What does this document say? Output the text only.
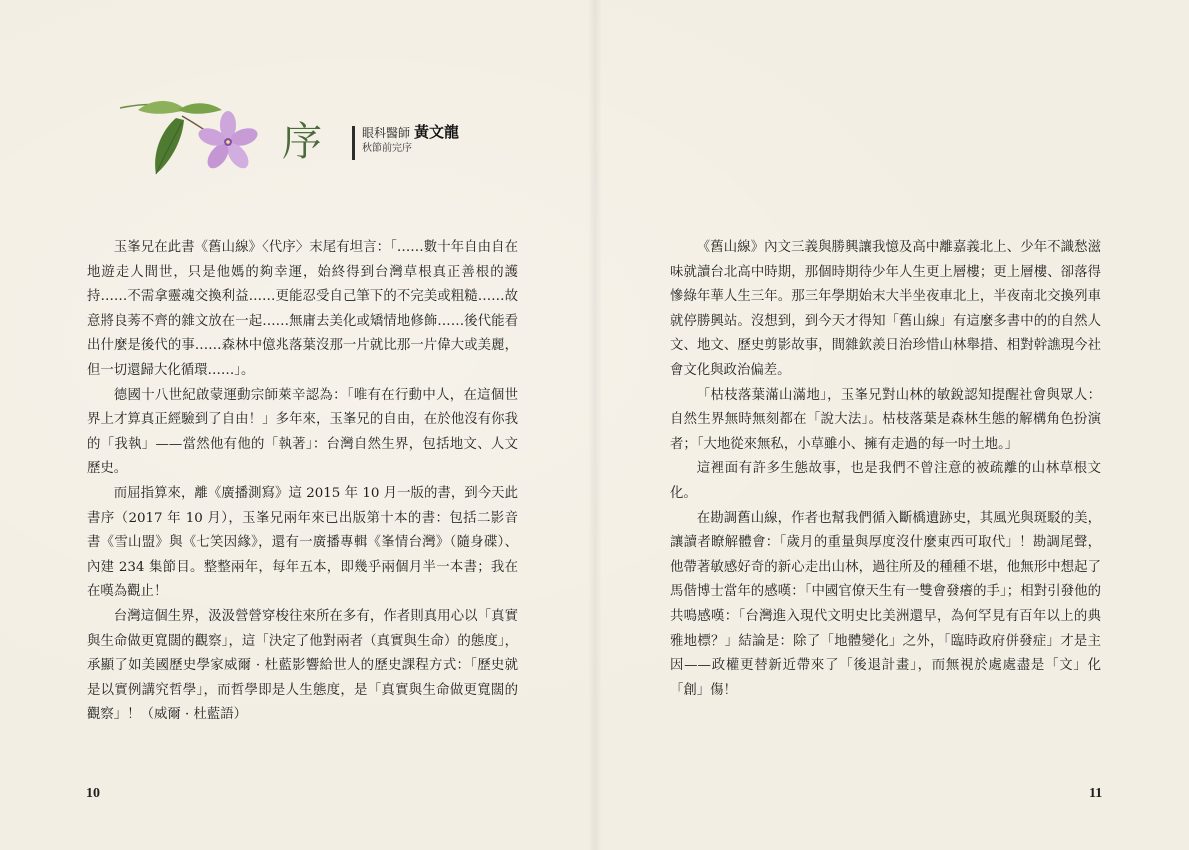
序	眼科醫師 黃文龍
秋節前完序

玉峯兄在此書《舊山線》〈代序〉末尾有坦言：「……數十年自由自在地遊走人間世，只是他媽的夠幸運，始終得到台灣草根真正善根的護持……不需拿靈魂交換利益……更能忍受自己筆下的不完美或粗糙……故意將良莠不齊的雜文放在一起……無庸去美化或矯情地修飾……後代能看出什麼是後代的事……森林中億兆落葉沒那一片就比那一片偉大或美麗，但一切還歸大化循環……」。

德國十八世紀啟蒙運動宗師萊辛認為：「唯有在行動中人，在這個世界上才算真正經驗到了自由！」多年來，玉峯兄的自由，在於他沒有你我的「我執」——當然他有他的「執著」：台灣自然生界，包括地文、人文歷史。

而屈指算來，離《廣播測寫》這 2015 年 10 月一版的書，到今天此書序（2017 年 10 月），玉峯兄兩年來已出版第十本的書：包括二影音書《雪山盟》與《七笑因緣》，還有一廣播專輯《峯情台灣》（隨身碟）、內建 234 集節目。整整兩年，每年五本，即幾乎兩個月半一本書；我在在嘆為觀止！

台灣這個生界，汲汲營營穿梭往來所在多有，作者則真用心以「真實與生命做更寬闊的觀察」，這「決定了他對兩者（真實與生命）的態度」，承顯了如美國歷史學家威爾 · 杜藍影響給世人的歷史課程方式：「歷史就是以實例講究哲學」，而哲學即是人生態度，是「真實與生命做更寬闊的觀察」！（威爾 · 杜藍語）

10

《舊山線》內文三義與勝興讓我憶及高中離嘉義北上、少年不識愁滋味就讀台北高中時期，那個時期待少年人生更上層樓；更上層樓、卻落得慘綠年華人生三年。那三年學期始末大半坐夜車北上，半夜南北交換列車就停勝興站。沒想到，到今天才得知「舊山線」有這麼多書中的的自然人文、地文、歷史剪影故事，間雜欽羨日治珍惜山林舉措、相對幹譙現今社會文化與政治偏差。

「枯枝落葉滿山滿地」，玉峯兄對山林的敏銳認知提醒社會與眾人：自然生界無時無刻都在「說大法」。枯枝落葉是森林生態的解構角色扮演者；「大地從來無私，小草雖小、擁有走過的每一吋土地。」

這裡面有許多生態故事，也是我們不曾注意的被疏離的山林草根文化。

在勘調舊山線，作者也幫我們循入斷橋遺跡史，其風光與斑駁的美，讓讀者瞭解體會：「歲月的重量與厚度沒什麼東西可取代」！勘調尾聲，他帶著敏感好奇的新心走出山林，過往所及的種種不堪，他無形中想起了馬偕博士當年的感嘆：「中國官僚天生有一雙會發癢的手」；相對引發他的共鳴感嘆：「台灣進入現代文明史比美洲還早，為何罕見有百年以上的典雅地標？」結論是：除了「地體變化」之外，「臨時政府併發症」才是主因——政權更替新近帶來了「後退計畫」，而無視於處處盡是「文」化「創」傷！

11
